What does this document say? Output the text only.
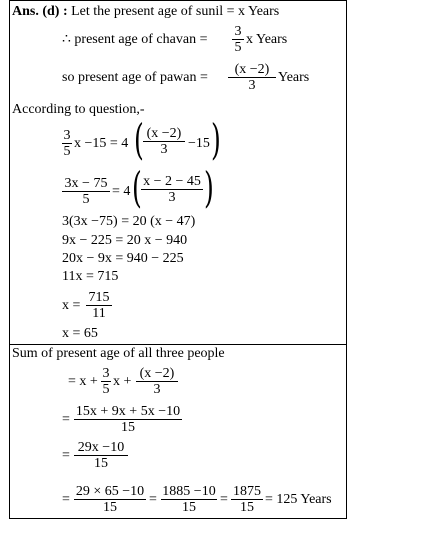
Ans. (d) : Let the present age of sunil = x Years
∴ present age of chavan = $\frac{3}{5}$ x Years
so present age of pawan = $\frac{(x -2)}{3}$ Years
According to question,-
$\frac{3}{5}$ x −15 = 4 ( $\frac{(x -2)}{3} -15$ )
$\frac{3x - 75}{5} = 4$ ( $\frac{x - 2 - 45}{3}$ )
3(3x −75) = 20 (x − 47)
9x − 225 = 20 x − 940
20x − 9x = 940 − 225
11x = 715
$x = \frac{715}{11}$
x = 65
Sum of present age of all three people
= $x + \frac{3}{5}$ $x + \frac{(x -2)}{3}$
= $\frac{15x + 9x + 5x -10}{15}$
= $\frac{29x -10}{15}$
= $\frac{29 \times 65 -10}{15} = \frac{1885 -10}{15} = \frac{1875}{15} = 125$ Years
